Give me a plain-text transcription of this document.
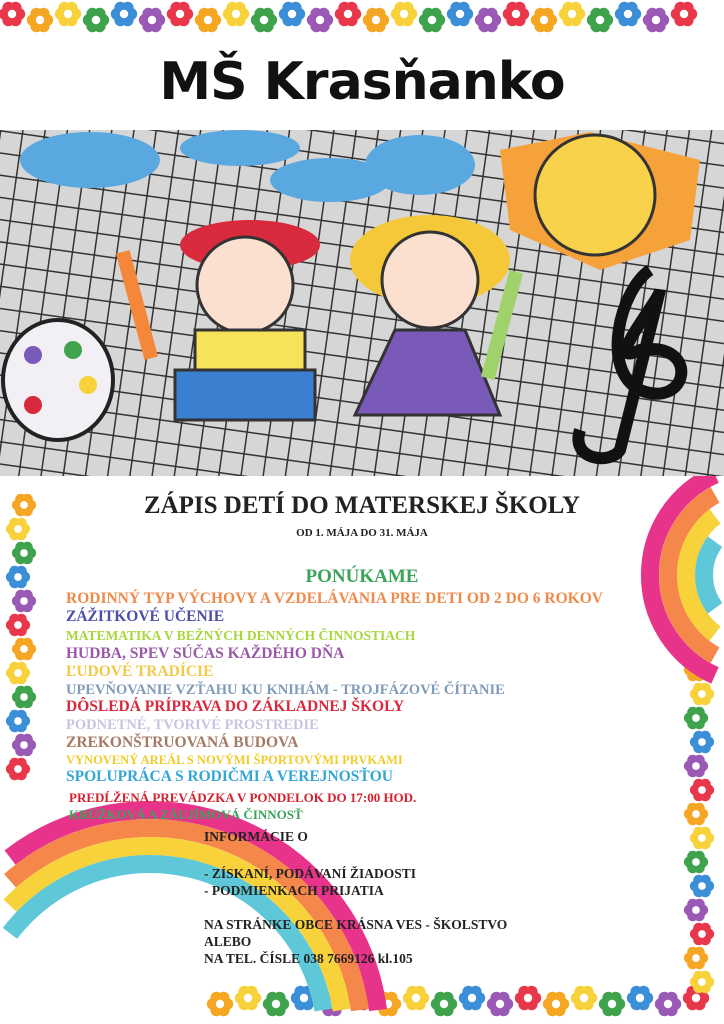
MŠ Krasňanko
ZÁPIS DETÍ DO MATERSKEJ ŠKOLY
OD 1. MÁJA DO 31. MÁJA
PONÚKAME
RODINNÝ TYP VÝCHOVY A VZDELÁVANIA PRE DETI OD 2 DO 6 ROKOV
ZÁŽITKOVÉ UČENIE
MATEMATIKA V BEŽNÝCH DENNÝCH ČINNOSTIACH
HUDBA, SPEV SÚČAS KAŽDÉHO DŇA
ĽUDOVÉ TRADÍCIE
UPEVŇOVANIE VZŤAHU KU KNIHÁM - TROJFÁZOVÉ ČÍTANIE
DÔSLEDÁ PRÍPRAVA DO ZÁKLADNEJ ŠKOLY
PODNETNÉ, TVORIVÉ PROSTREDIE
ZREKONŠTRUOVANÁ BUDOVA
VYNOVENÝ AREÁL S NOVÝMI ŠPORTOVÝMI PRVKAMI
SPOLUPRÁCA S RODIČMI A VEREJNOSŤOU
PREDĹŽENÁ PREVÁDZKA V PONDELOK DO 17:00 HOD.
KRÚŽKOVÁ A ZÁUJÍMOVÁ ČINNOSŤ
INFORMÁCIE O
- ZÍSKANÍ, PODÁVANÍ ŽIADOSTI
- PODMIENKACH PRIJATIA
NA STRÁNKE OBCE KRÁSNA VES - ŠKOLSTVO
ALEBO
NA TEL. ČÍSLE 038 7669126 kl.105
